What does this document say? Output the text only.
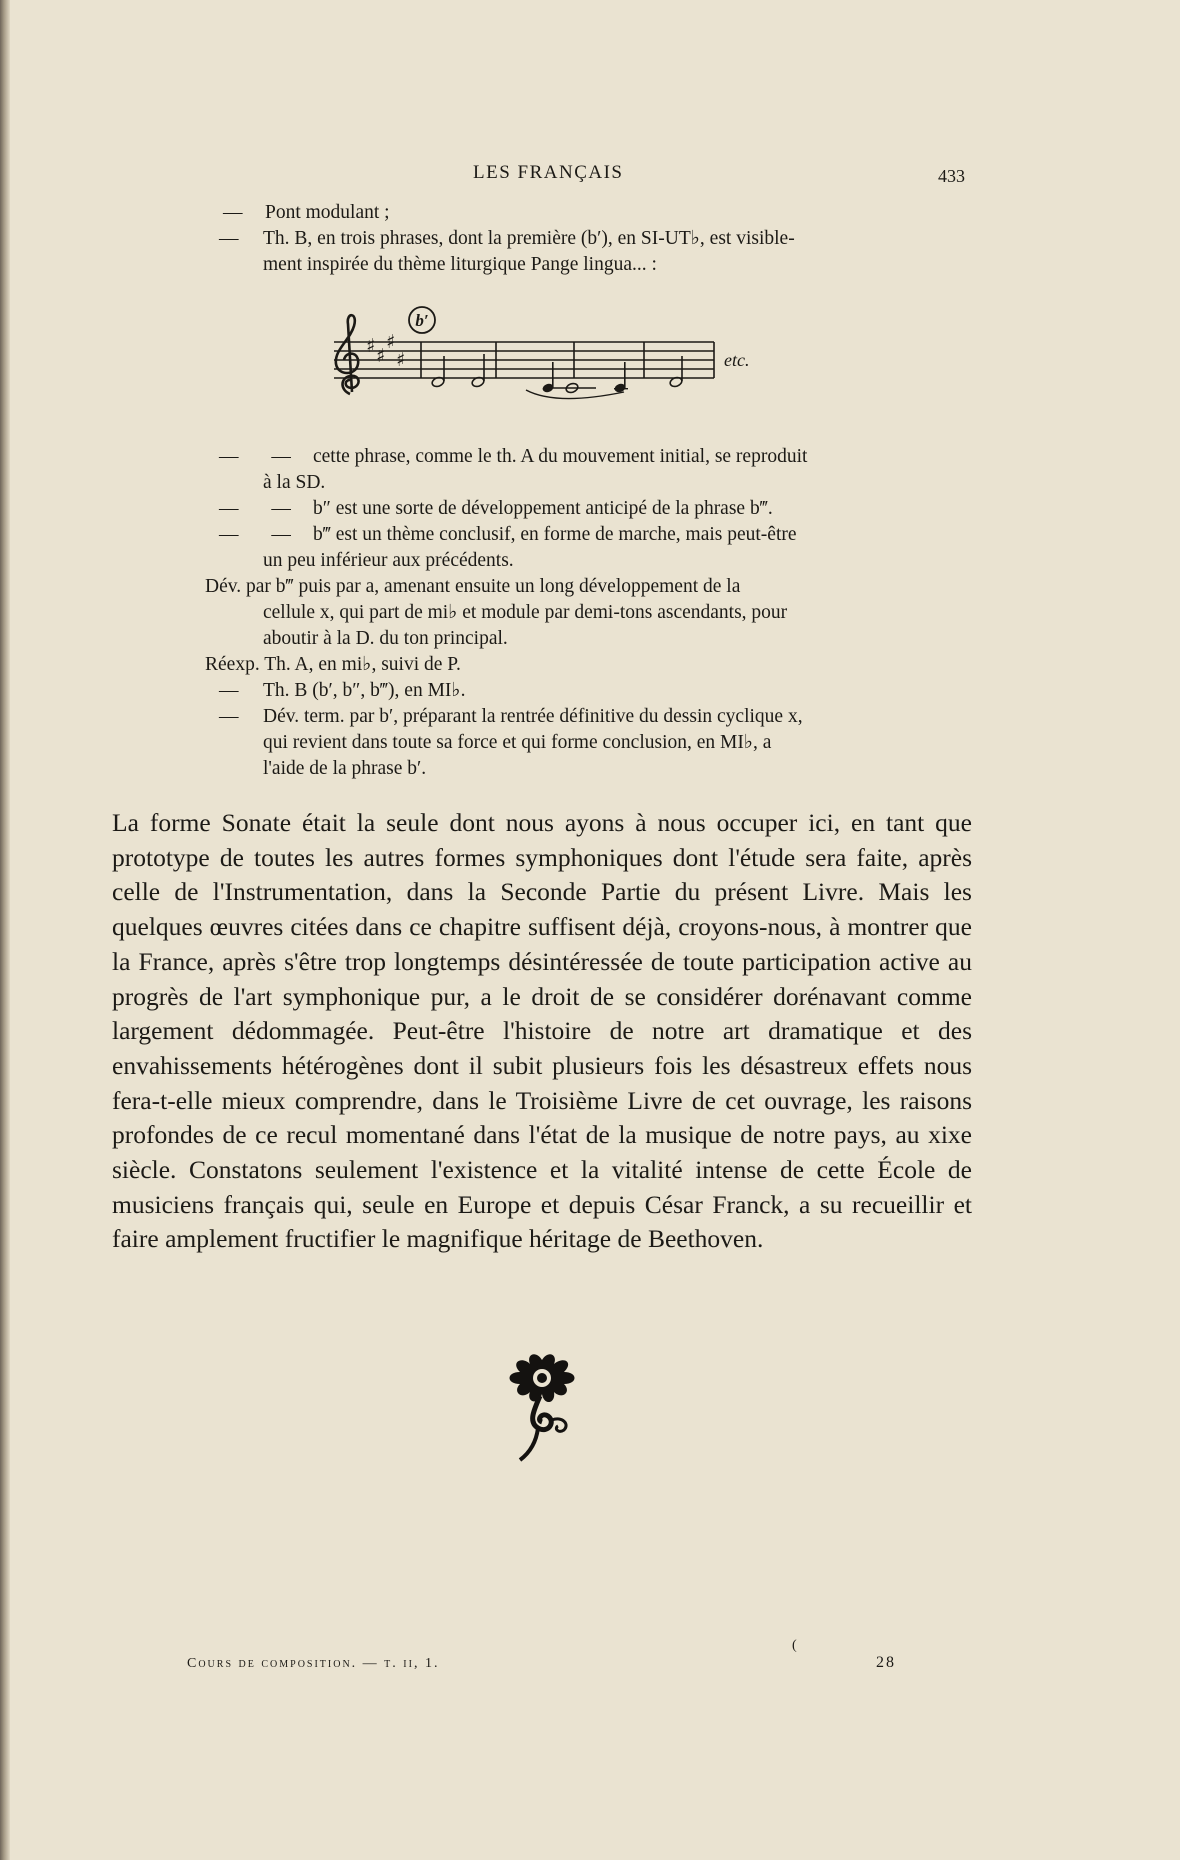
LES FRANÇAIS	433
— Pont modulant ;
— Th. B, en trois phrases, dont la première (b′), en SI-UT♭, est visible-
ment inspirée du thème liturgique Pange lingua... :
— — cette phrase, comme le th. A du mouvement initial, se reproduit
à la SD.
— — b″ est une sorte de développement anticipé de la phrase b‴.
— — b‴ est un thème conclusif, en forme de marche, mais peut-être
un peu inférieur aux précédents.
Dév. par b‴ puis par a, amenant ensuite un long développement de la
cellule x, qui part de mi♭ et module par demi-tons ascendants, pour
aboutir à la D. du ton principal.
Réexp. Th. A, en mi♭, suivi de P.
— Th. B (b′, b″, b‴), en MI♭.
— Dév. term. par b′, préparant la rentrée définitive du dessin cyclique x,
qui revient dans toute sa force et qui forme conclusion, en MI♭, a
l'aide de la phrase b′.
♯ ♯
♯
♯
b′
etc.
La forme Sonate était la seule dont nous ayons à nous occuper ici, en tant que prototype de toutes les autres formes symphoniques dont l'étude sera faite, après celle de l'Instrumentation, dans la Seconde Partie du présent Livre. Mais les quelques œuvres citées dans ce chapitre suffisent déjà, croyons-nous, à montrer que la France, après s'être trop longtemps désintéressée de toute participation active au progrès de l'art symphonique pur, a le droit de se considérer dorénavant comme largement dédommagée. Peut-être l'histoire de notre art dramatique et des envahissements hétérogènes dont il subit plusieurs fois les désastreux effets nous fera-t-elle mieux comprendre, dans le Troisième Livre de cet ouvrage, les raisons profondes de ce recul momentané dans l'état de la musique de notre pays, au xixe siècle. Constatons seulement l'existence et la vitalité intense de cette École de musiciens français qui, seule en Europe et depuis César Franck, a su recueillir et faire amplement fructifier le magnifique héritage de Beethoven.
Cours de composition. — t. ii, 1.
(
28
